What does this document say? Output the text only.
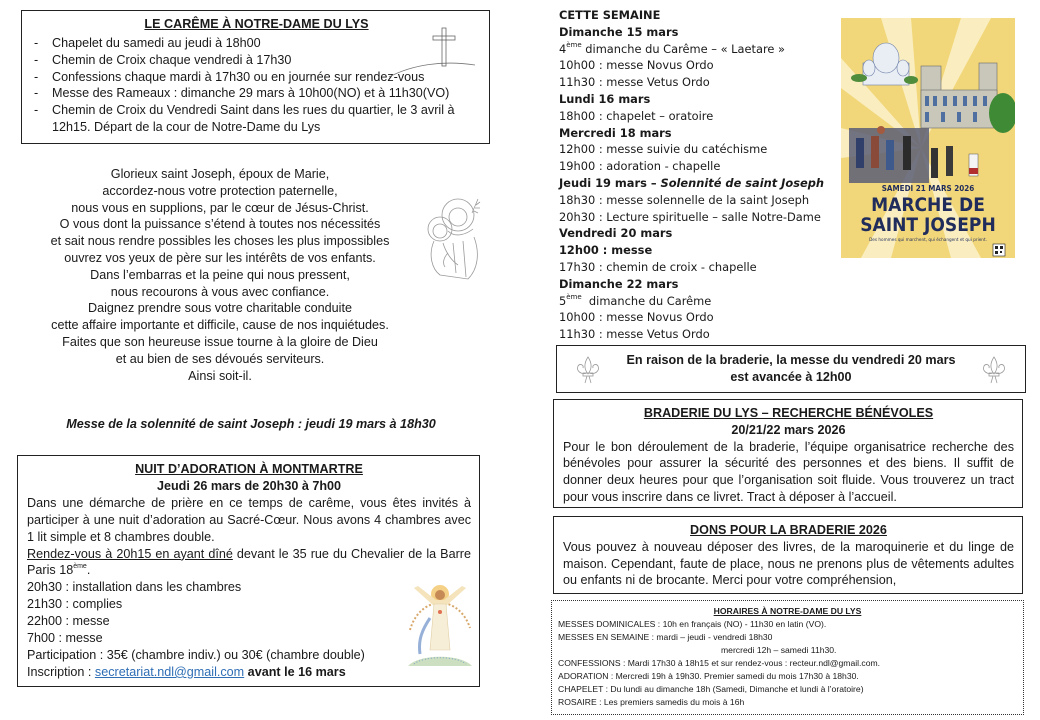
LE CARÊME À NOTRE-DAME DU LYS
- Chapelet du samedi au jeudi à 18h00
- Chemin de Croix chaque vendredi à 17h30
- Confessions chaque mardi à 17h30 ou en journée sur rendez-vous
- Messe des Rameaux : dimanche 29 mars à 10h00(NO) et à 11h30(VO)
- Chemin de Croix du Vendredi Saint dans les rues du quartier, le 3 avril à
12h15. Départ de la cour de Notre-Dame du Lys
Glorieux saint Joseph, époux de Marie,
accordez-nous votre protection paternelle,
nous vous en supplions, par le cœur de Jésus-Christ.
O vous dont la puissance s’étend à toutes nos nécessités
et sait nous rendre possibles les choses les plus impossibles
ouvrez vos yeux de père sur les intérêts de vos enfants.
Dans l’embarras et la peine qui nous pressent,
nous recourons à vous avec confiance.
Daignez prendre sous votre charitable conduite
cette affaire importante et difficile, cause de nos inquiétudes.
Faites que son heureuse issue tourne à la gloire de Dieu
et au bien de ses dévoués serviteurs.
Ainsi soit-il.
Messe de la solennité de saint Joseph : jeudi 19 mars à 18h30
NUIT D’ADORATION À MONTMARTRE
Jeudi 26 mars de 20h30 à 7h00
Dans une démarche de prière en ce temps de carême, vous êtes invités à participer à une nuit d’adoration au Sacré-Cœur. Nous avons 4 chambres avec 1 lit simple et 8 chambres double.
Rendez-vous à 20h15 en ayant dîné devant le 35 rue du Chevalier de la Barre Paris 18ème.
20h30 : installation dans les chambres
21h30 : complies
22h00 : messe
7h00 : messe
Participation : 35€ (chambre indiv.) ou 30€ (chambre double)
Inscription : secretariat.ndl@gmail.com avant le 16 mars
CETTE SEMAINE
Dimanche 15 mars
4ème dimanche du Carême – « Laetare »
10h00 : messe Novus Ordo
11h30 : messe Vetus Ordo
Lundi 16 mars
18h00 : chapelet – oratoire
Mercredi 18 mars
12h00 : messe suivie du catéchisme
19h00 : adoration - chapelle
Jeudi 19 mars – Solennité de saint Joseph
18h30 : messe solennelle de la saint Joseph
20h30 : Lecture spirituelle – salle Notre-Dame
Vendredi 20 mars
12h00 : messe
17h30 : chemin de croix - chapelle
Dimanche 22 mars
5ème  dimanche du Carême
10h00 : messe Novus Ordo
11h30 : messe Vetus Ordo
SAMEDI 21 MARS 2026
MARCHE DE
SAINT JOSEPH
Des hommes qui marchent, qui échangent et qui prient.
En raison de la braderie, la messe du vendredi 20 mars
est avancée à 12h00
BRADERIE DU LYS – RECHERCHE BÉNÉVOLES
20/21/22 mars 2026
Pour le bon déroulement de la braderie, l’équipe organisatrice recherche des bénévoles pour assurer la sécurité des personnes et des biens. Il suffit de donner deux heures pour que l’organisation soit fluide. Vous trouverez un tract pour vous inscrire dans ce livret. Tract à déposer à l’accueil.
DONS POUR LA BRADERIE 2026
Vous pouvez à nouveau déposer des livres, de la maroquinerie et du linge de maison. Cependant, faute de place, nous ne prenons plus de vêtements adultes ou enfants ni de brocante. Merci pour votre compréhension,
HORAIRES À NOTRE-DAME DU LYS
MESSES DOMINICALES : 10h en français (NO) - 11h30 en latin (VO).
MESSES EN SEMAINE : mardi – jeudi - vendredi 18h30
mercredi 12h – samedi 11h30.
CONFESSIONS : Mardi 17h30 à 18h15 et sur rendez-vous : recteur.ndl@gmail.com.
ADORATION : Mercredi 19h à 19h30. Premier samedi du mois 17h30 à 18h30.
CHAPELET : Du lundi au dimanche 18h (Samedi, Dimanche et lundi à l’oratoire)
ROSAIRE : Les premiers samedis du mois à 16h
